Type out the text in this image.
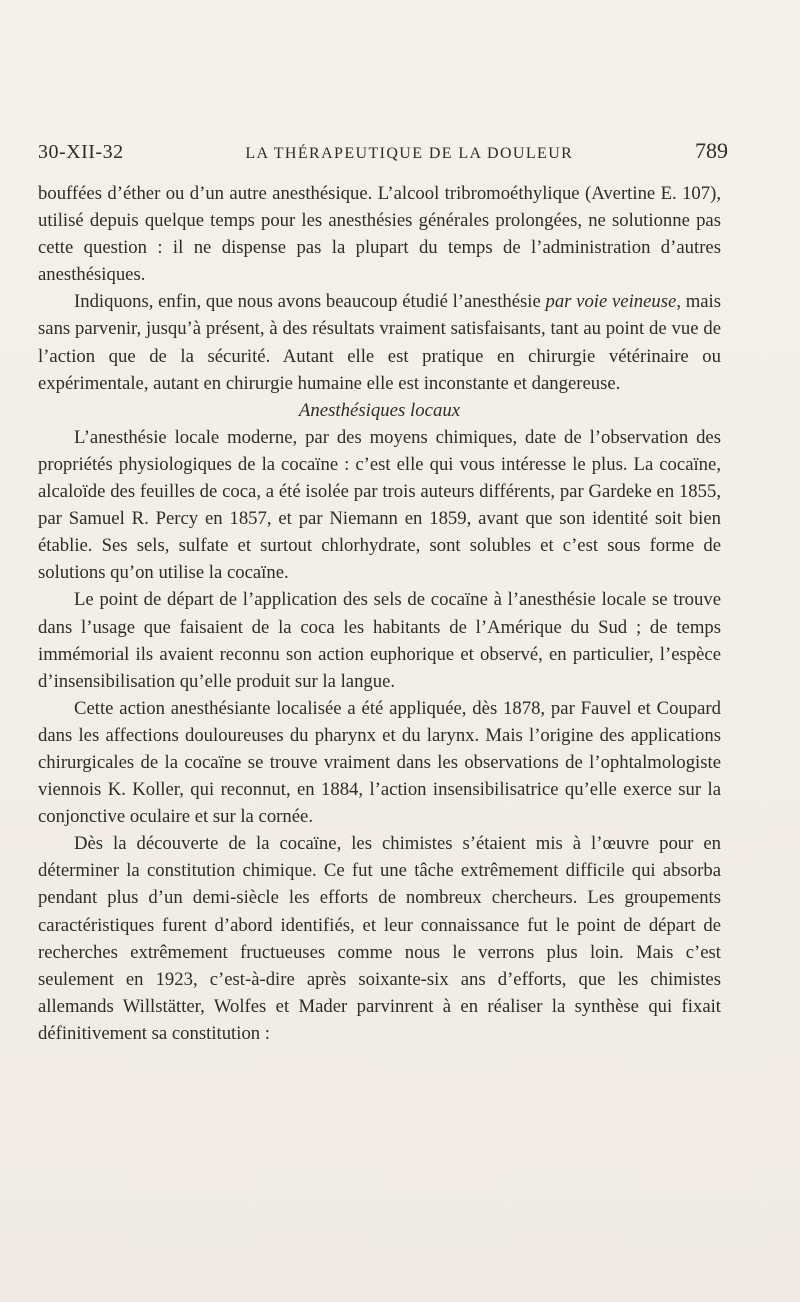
30-XII-32	LA THÉRAPEUTIQUE DE LA DOULEUR	789

bouffées d’éther ou d’un autre anesthésique. L’alcool tribromoéthylique (Avertine E. 107), utilisé depuis quelque temps pour les anesthésies générales prolongées, ne solutionne pas cette question : il ne dispense pas la plupart du temps de l’administration d’autres anesthésiques.

Indiquons, enfin, que nous avons beaucoup étudié l’anesthésie par voie veineuse, mais sans parvenir, jusqu’à présent, à des résultats vraiment satisfaisants, tant au point de vue de l’action que de la sécurité. Autant elle est pratique en chirurgie vétérinaire ou expérimentale, autant en chirurgie humaine elle est inconstante et dangereuse.

Anesthésiques locaux

L’anesthésie locale moderne, par des moyens chimiques, date de l’observation des propriétés physiologiques de la cocaïne : c’est elle qui vous intéresse le plus. La cocaïne, alcaloïde des feuilles de coca, a été isolée par trois auteurs différents, par Gardeke en 1855, par Samuel R. Percy en 1857, et par Niemann en 1859, avant que son identité soit bien établie. Ses sels, sulfate et surtout chlorhydrate, sont solubles et c’est sous forme de solutions qu’on utilise la cocaïne.

Le point de départ de l’application des sels de cocaïne à l’anesthésie locale se trouve dans l’usage que faisaient de la coca les habitants de l’Amérique du Sud ; de temps immémorial ils avaient reconnu son action euphorique et observé, en particulier, l’espèce d’insensibilisation qu’elle produit sur la langue.

Cette action anesthésiante localisée a été appliquée, dès 1878, par Fauvel et Coupard dans les affections douloureuses du pharynx et du larynx. Mais l’origine des applications chirurgicales de la cocaïne se trouve vraiment dans les observations de l’ophtalmologiste viennois K. Koller, qui reconnut, en 1884, l’action insensibilisatrice qu’elle exerce sur la conjonctive oculaire et sur la cornée.

Dès la découverte de la cocaïne, les chimistes s’étaient mis à l’œuvre pour en déterminer la constitution chimique. Ce fut une tâche extrêmement difficile qui absorba pendant plus d’un demi-siècle les efforts de nombreux chercheurs. Les groupements caractéristiques furent d’abord identifiés, et leur connaissance fut le point de départ de recherches extrêmement fructueuses comme nous le verrons plus loin. Mais c’est seulement en 1923, c’est-à-dire après soixante-six ans d’efforts, que les chimistes allemands Willstätter, Wolfes et Mader parvinrent à en réaliser la synthèse qui fixait définitivement sa constitution :
